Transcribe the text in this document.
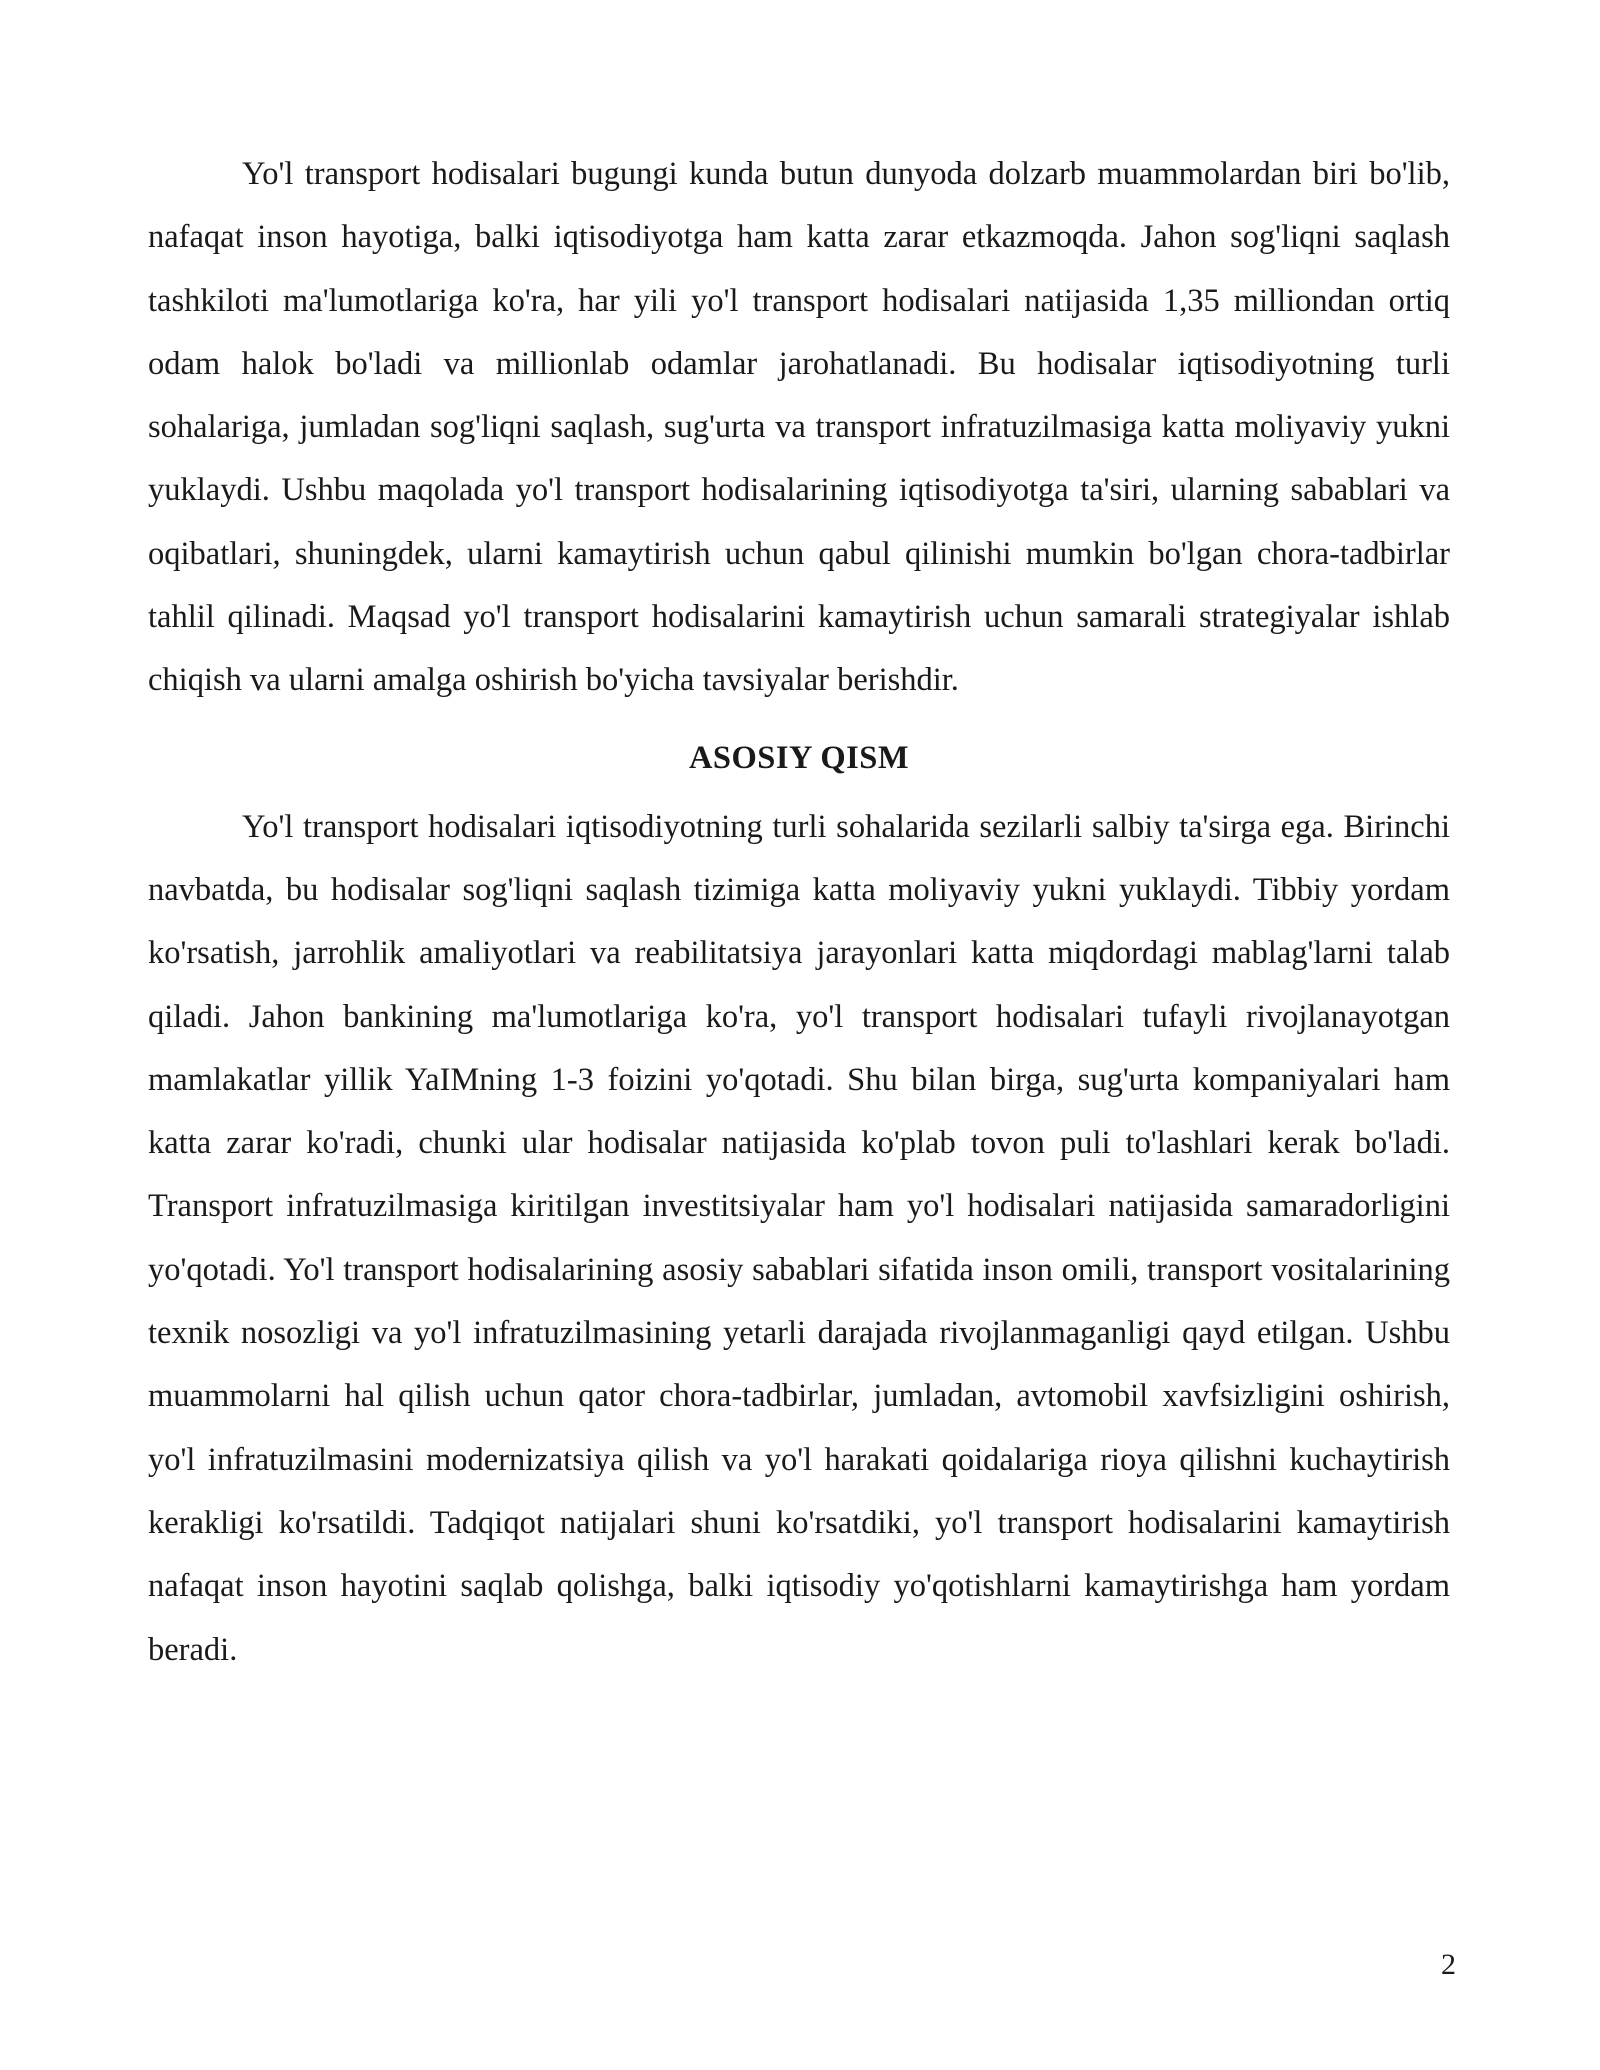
Yo'l transport hodisalari bugungi kunda butun dunyoda dolzarb muammolardan biri bo'lib, nafaqat inson hayotiga, balki iqtisodiyotga ham katta zarar etkazmoqda. Jahon sog'liqni saqlash tashkiloti ma'lumotlariga ko'ra, har yili yo'l transport hodisalari natijasida 1,35 milliondan ortiq odam halok bo'ladi va millionlab odamlar jarohatlanadi. Bu hodisalar iqtisodiyotning turli sohalariga, jumladan sog'liqni saqlash, sug'urta va transport infratuzilmasiga katta moliyaviy yukni yuklaydi. Ushbu maqolada yo'l transport hodisalarining iqtisodiyotga ta'siri, ularning sabablari va oqibatlari, shuningdek, ularni kamaytirish uchun qabul qilinishi mumkin bo'lgan chora-tadbirlar tahlil qilinadi. Maqsad yo'l transport hodisalarini kamaytirish uchun samarali strategiyalar ishlab chiqish va ularni amalga oshirish bo'yicha tavsiyalar berishdir.

ASOSIY QISM

Yo'l transport hodisalari iqtisodiyotning turli sohalarida sezilarli salbiy ta'sirga ega. Birinchi navbatda, bu hodisalar sog'liqni saqlash tizimiga katta moliyaviy yukni yuklaydi. Tibbiy yordam ko'rsatish, jarrohlik amaliyotlari va reabilitatsiya jarayonlari katta miqdordagi mablag'larni talab qiladi. Jahon bankining ma'lumotlariga ko'ra, yo'l transport hodisalari tufayli rivojlanayotgan mamlakatlar yillik YaIMning 1-3 foizini yo'qotadi. Shu bilan birga, sug'urta kompaniyalari ham katta zarar ko'radi, chunki ular hodisalar natijasida ko'plab tovon puli to'lashlari kerak bo'ladi. Transport infratuzilmasiga kiritilgan investitsiyalar ham yo'l hodisalari natijasida samaradorligini yo'qotadi. Yo'l transport hodisalarining asosiy sabablari sifatida inson omili, transport vositalarining texnik nosozligi va yo'l infratuzilmasining yetarli darajada rivojlanmaganligi qayd etilgan. Ushbu muammolarni hal qilish uchun qator chora-tadbirlar, jumladan, avtomobil xavfsizligini oshirish, yo'l infratuzilmasini modernizatsiya qilish va yo'l harakati qoidalariga rioya qilishni kuchaytirish kerakligi ko'rsatildi. Tadqiqot natijalari shuni ko'rsatdiki, yo'l transport hodisalarini kamaytirish nafaqat inson hayotini saqlab qolishga, balki iqtisodiy yo'qotishlarni kamaytirishga ham yordam beradi.

2
